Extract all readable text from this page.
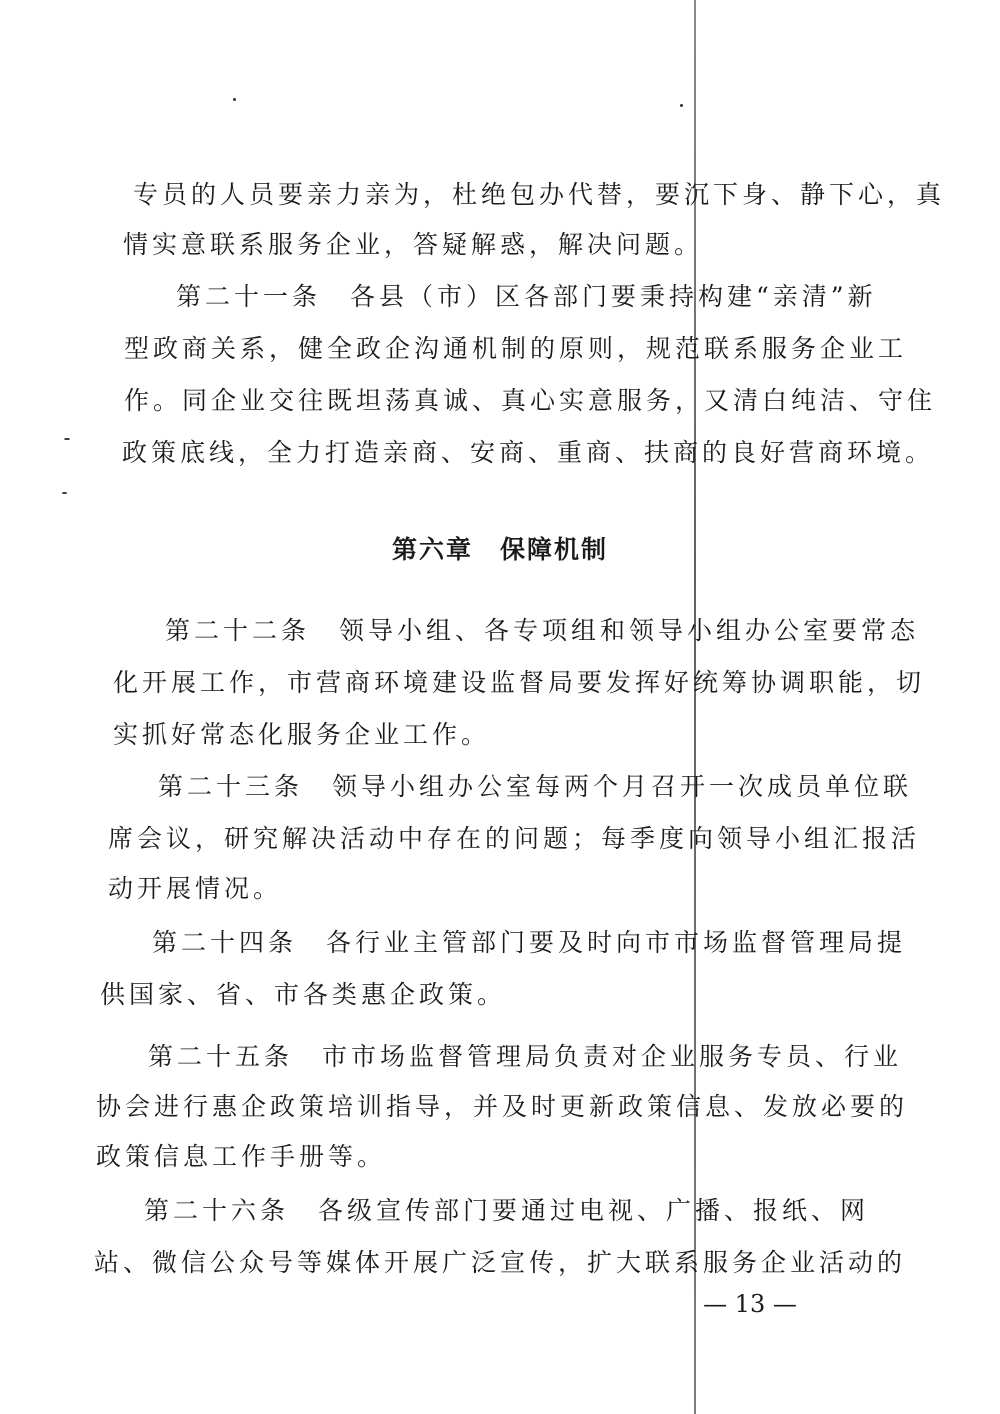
专员的人员要亲力亲为，杜绝包办代替，要沉下身、静下心，真
情实意联系服务企业，答疑解惑，解决问题。
第二十一条　各县（市）区各部门要秉持构建“亲清”新
型政商关系，健全政企沟通机制的原则，规范联系服务企业工
作。同企业交往既坦荡真诚、真心实意服务，又清白纯洁、守住
政策底线，全力打造亲商、安商、重商、扶商的良好营商环境。
第六章　保障机制
第二十二条　领导小组、各专项组和领导小组办公室要常态
化开展工作，市营商环境建设监督局要发挥好统筹协调职能，切
实抓好常态化服务企业工作。
第二十三条　领导小组办公室每两个月召开一次成员单位联
席会议，研究解决活动中存在的问题；每季度向领导小组汇报活
动开展情况。
第二十四条　各行业主管部门要及时向市市场监督管理局提
供国家、省、市各类惠企政策。
第二十五条　市市场监督管理局负责对企业服务专员、行业
协会进行惠企政策培训指导，并及时更新政策信息、发放必要的
政策信息工作手册等。
第二十六条　各级宣传部门要通过电视、广播、报纸、网
站、微信公众号等媒体开展广泛宣传，扩大联系服务企业活动的
— 13 —
